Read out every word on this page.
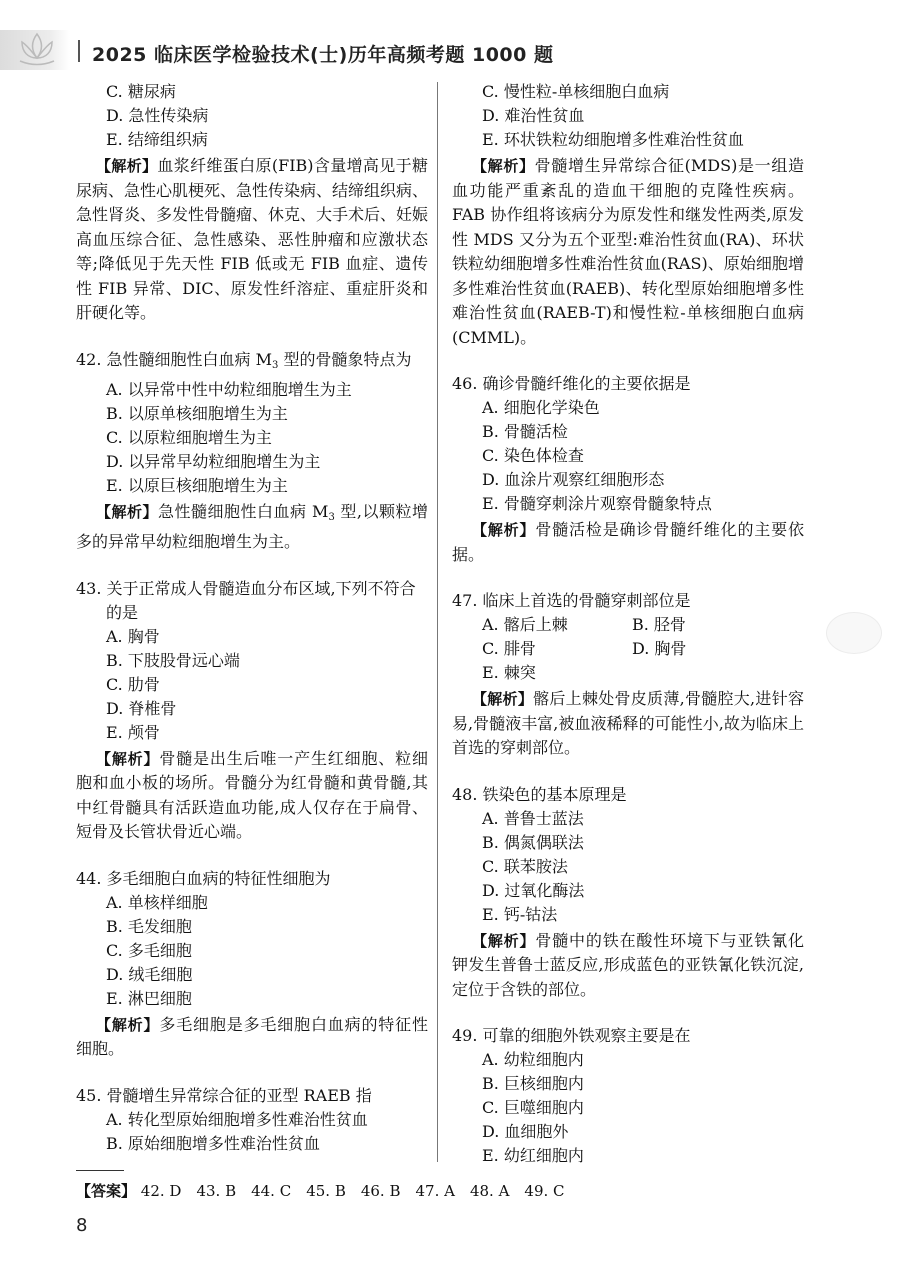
2025 临床医学检验技术(士)历年高频考题 1000 题
C. 糖尿病
D. 急性传染病
E. 结缔组织病
【解析】血浆纤维蛋白原(FIB)含量增高见于糖尿病、急性心肌梗死、急性传染病、结缔组织病、急性肾炎、多发性骨髓瘤、休克、大手术后、妊娠高血压综合征、急性感染、恶性肿瘤和应激状态等;降低见于先天性 FIB 低或无 FIB 血症、遗传性 FIB 异常、DIC、原发性纤溶症、重症肝炎和肝硬化等。
42. 急性髓细胞性白血病 $M_3$ 型的骨髓象特点为
A. 以异常中性中幼粒细胞增生为主
B. 以原单核细胞增生为主
C. 以原粒细胞增生为主
D. 以异常早幼粒细胞增生为主
E. 以原巨核细胞增生为主
【解析】急性髓细胞性白血病 $M_3$ 型,以颗粒增多的异常早幼粒细胞增生为主。
43. 关于正常成人骨髓造血分布区域,下列不符合的是
A. 胸骨
B. 下肢股骨远心端
C. 肋骨
D. 脊椎骨
E. 颅骨
【解析】骨髓是出生后唯一产生红细胞、粒细胞和血小板的场所。骨髓分为红骨髓和黄骨髓,其中红骨髓具有活跃造血功能,成人仅存在于扁骨、短骨及长管状骨近心端。
44. 多毛细胞白血病的特征性细胞为
A. 单核样细胞
B. 毛发细胞
C. 多毛细胞
D. 绒毛细胞
E. 淋巴细胞
【解析】多毛细胞是多毛细胞白血病的特征性细胞。
45. 骨髓增生异常综合征的亚型 RAEB 指
A. 转化型原始细胞增多性难治性贫血
B. 原始细胞增多性难治性贫血
C. 慢性粒-单核细胞白血病
D. 难治性贫血
E. 环状铁粒幼细胞增多性难治性贫血
【解析】骨髓增生异常综合征(MDS)是一组造血功能严重紊乱的造血干细胞的克隆性疾病。FAB 协作组将该病分为原发性和继发性两类,原发性 MDS 又分为五个亚型:难治性贫血(RA)、环状铁粒幼细胞增多性难治性贫血(RAS)、原始细胞增多性难治性贫血(RAEB)、转化型原始细胞增多性难治性贫血(RAEB-T)和慢性粒-单核细胞白血病(CMML)。
46. 确诊骨髓纤维化的主要依据是
A. 细胞化学染色
B. 骨髓活检
C. 染色体检查
D. 血涂片观察红细胞形态
E. 骨髓穿刺涂片观察骨髓象特点
【解析】骨髓活检是确诊骨髓纤维化的主要依据。
47. 临床上首选的骨髓穿刺部位是
A. 髂后上棘	B. 胫骨
C. 腓骨	D. 胸骨
E. 棘突
【解析】髂后上棘处骨皮质薄,骨髓腔大,进针容易,骨髓液丰富,被血液稀释的可能性小,故为临床上首选的穿刺部位。
48. 铁染色的基本原理是
A. 普鲁士蓝法
B. 偶氮偶联法
C. 联苯胺法
D. 过氧化酶法
E. 钙-钴法
【解析】骨髓中的铁在酸性环境下与亚铁氰化钾发生普鲁士蓝反应,形成蓝色的亚铁氰化铁沉淀,定位于含铁的部位。
49. 可靠的细胞外铁观察主要是在
A. 幼粒细胞内
B. 巨核细胞内
C. 巨噬细胞内
D. 血细胞外
E. 幼红细胞内
【答案】 42. D　43. B　44. C　45. B　46. B　47. A　48. A　49. C
8
